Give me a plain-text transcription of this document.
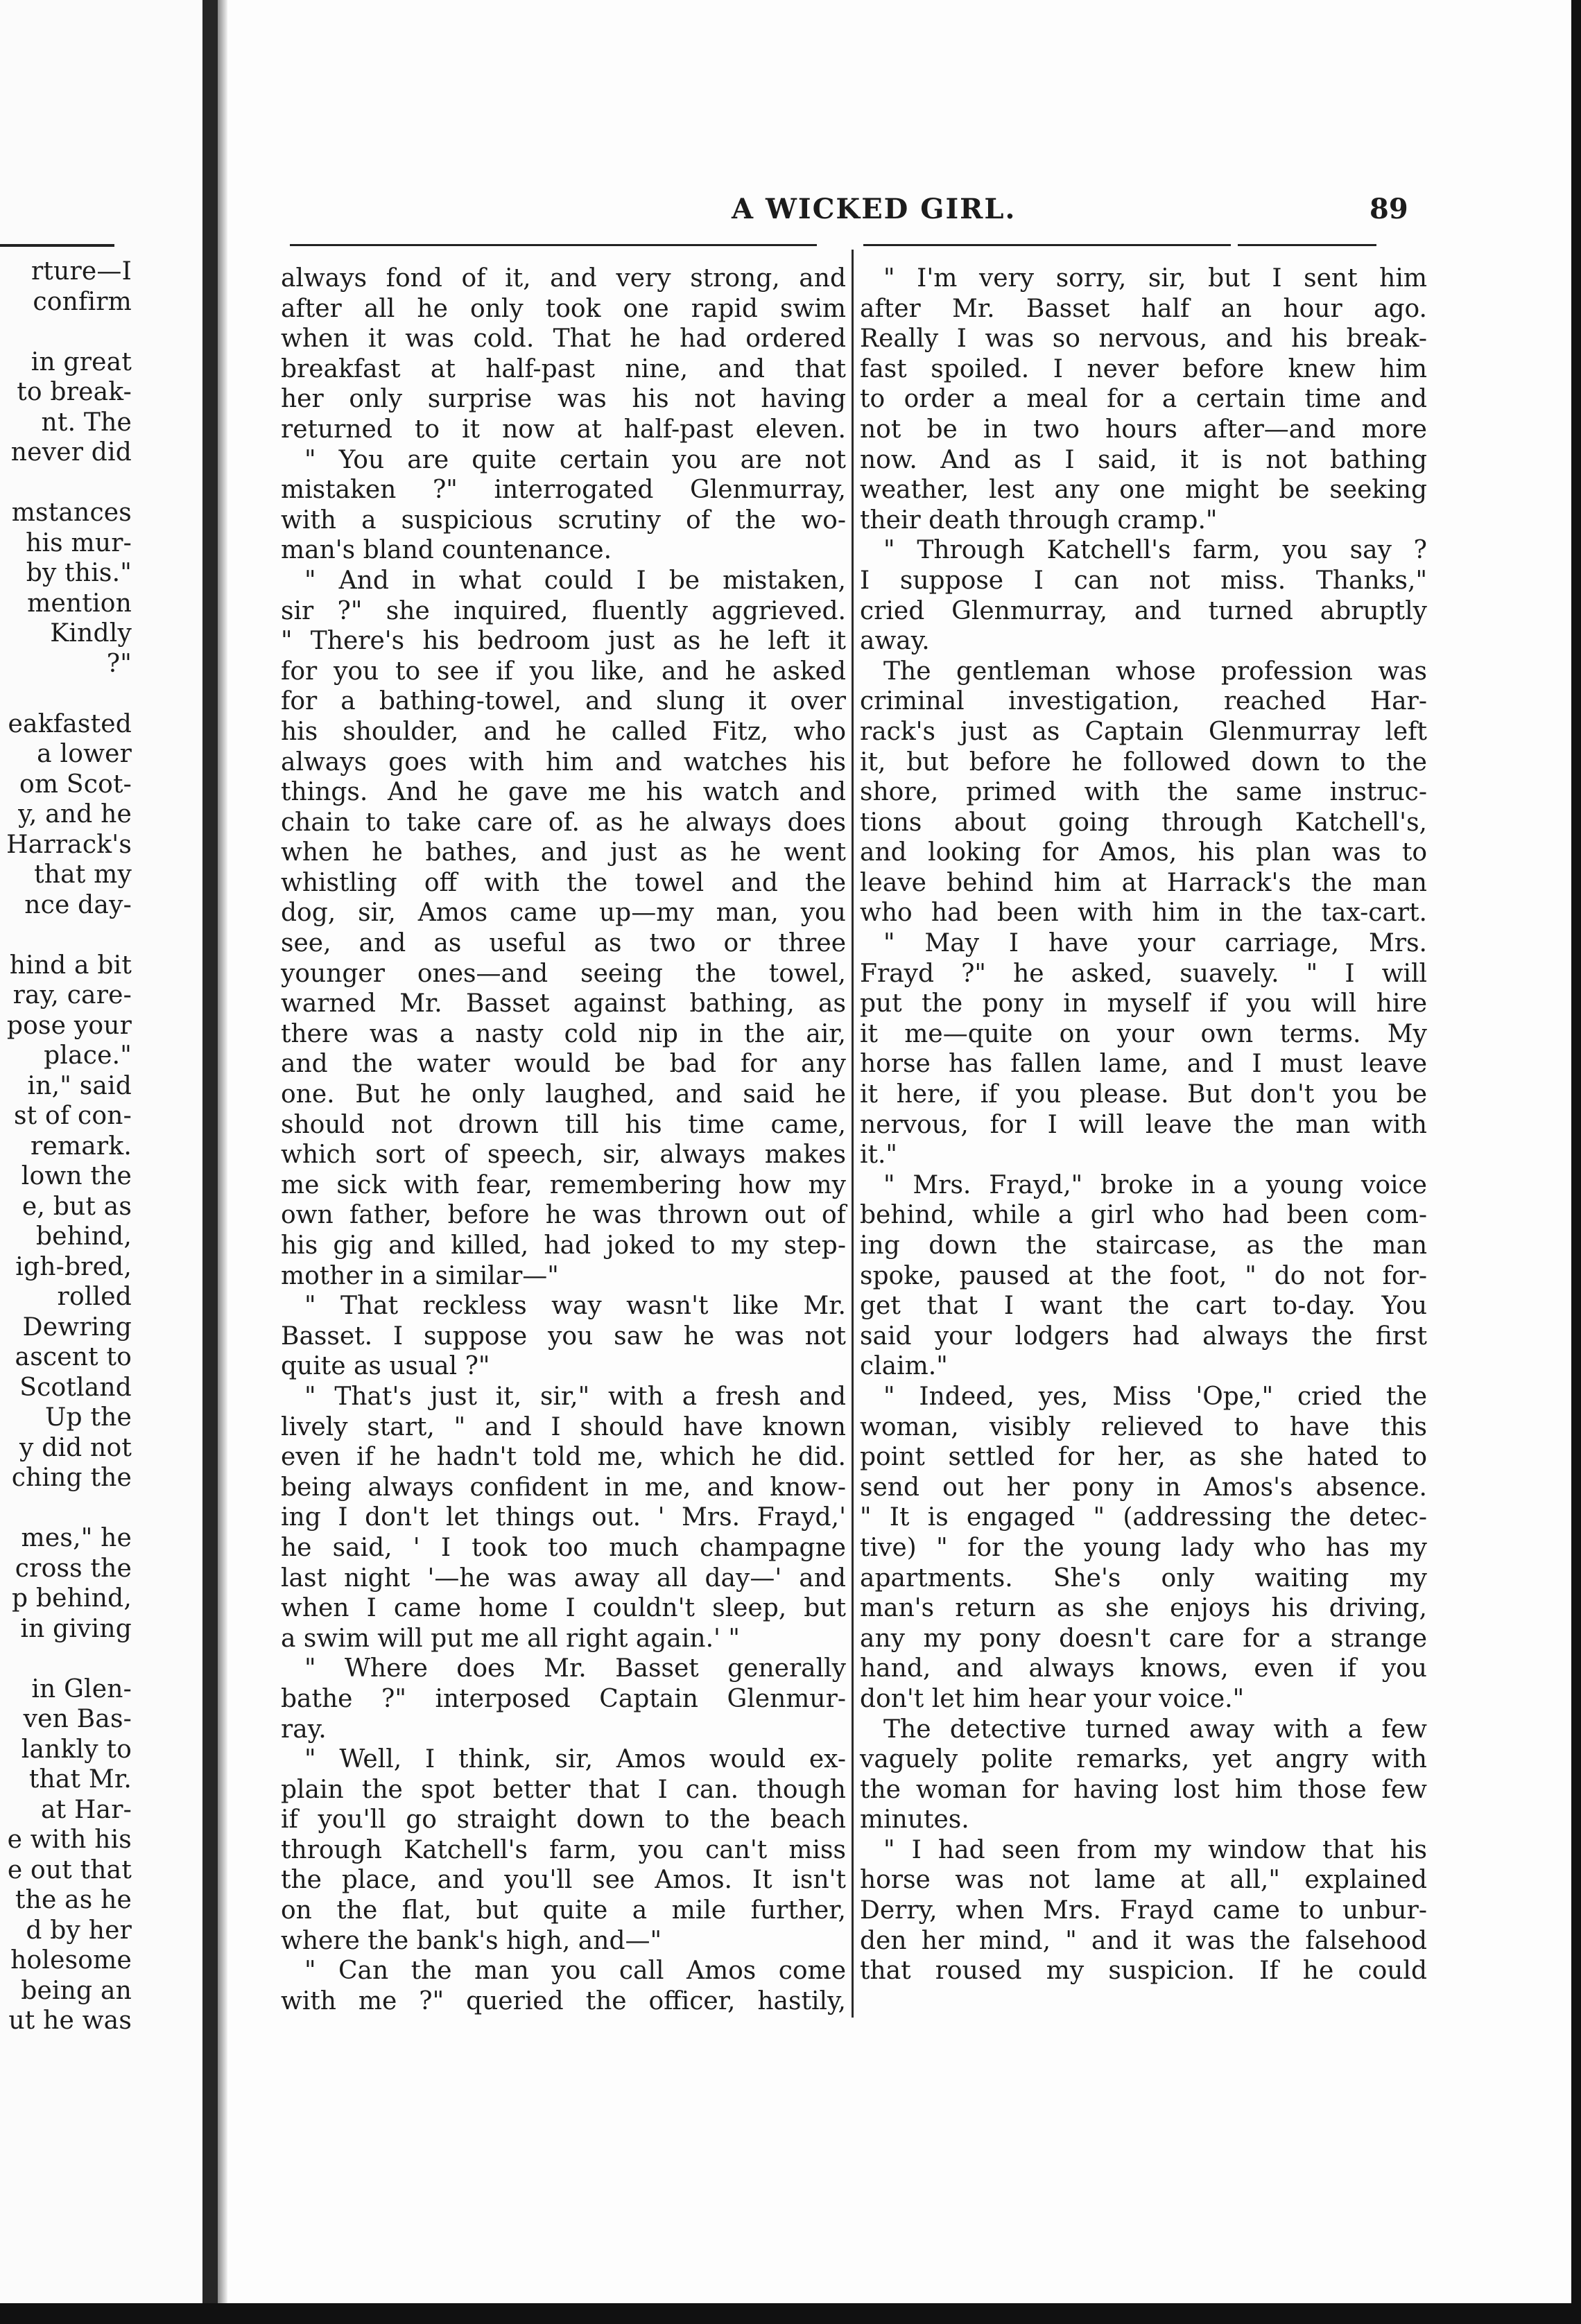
rture—I
confirm
in great
to break-
nt. The
never did
mstances
his mur-
by this."
mention
Kindly
?"
eakfasted
a lower
om Scot-
y, and he
Harrack's
that my
nce day-
hind a bit
ray, care-
pose your
place."
in," said
st of con-
remark.
lown the
e, but as
behind,
igh-bred,
rolled
Dewring
ascent to
Scotland
Up the
y did not
ching the
mes," he
cross the
p behind,
in giving
in Glen-
ven Bas-
lankly to
that Mr.
at Har-
e with his
e out that
the as he
d by her
holesome
being an
ut he was
A WICKED GIRL.	89
always fond of it, and very strong, and
after all he only took one rapid swim
when it was cold. That he had ordered
breakfast at half-past nine, and that
her only surprise was his not having
returned to it now at half-past eleven.
" You are quite certain you are not
mistaken ?" interrogated Glenmurray,
with a suspicious scrutiny of the wo-
man's bland countenance.
" And in what could I be mistaken,
sir ?" she inquired, fluently aggrieved.
" There's his bedroom just as he left it
for you to see if you like, and he asked
for a bathing-towel, and slung it over
his shoulder, and he called Fitz, who
always goes with him and watches his
things. And he gave me his watch and
chain to take care of. as he always does
when he bathes, and just as he went
whistling off with the towel and the
dog, sir, Amos came up—my man, you
see, and as useful as two or three
younger ones—and seeing the towel,
warned Mr. Basset against bathing, as
there was a nasty cold nip in the air,
and the water would be bad for any
one. But he only laughed, and said he
should not drown till his time came,
which sort of speech, sir, always makes
me sick with fear, remembering how my
own father, before he was thrown out of
his gig and killed, had joked to my step-
mother in a similar—"
" That reckless way wasn't like Mr.
Basset. I suppose you saw he was not
quite as usual ?"
" That's just it, sir," with a fresh and
lively start, " and I should have known
even if he hadn't told me, which he did.
being always confident in me, and know-
ing I don't let things out. ' Mrs. Frayd,'
he said, ' I took too much champagne
last night '—he was away all day—' and
when I came home I couldn't sleep, but
a swim will put me all right again.' "
" Where does Mr. Basset generally
bathe ?" interposed Captain Glenmur-
ray.
" Well, I think, sir, Amos would ex-
plain the spot better that I can. though
if you'll go straight down to the beach
through Katchell's farm, you can't miss
the place, and you'll see Amos. It isn't
on the flat, but quite a mile further,
where the bank's high, and—"
" Can the man you call Amos come
with me ?" queried the officer, hastily,
" I'm very sorry, sir, but I sent him
after Mr. Basset half an hour ago.
Really I was so nervous, and his break-
fast spoiled. I never before knew him
to order a meal for a certain time and
not be in two hours after—and more
now. And as I said, it is not bathing
weather, lest any one might be seeking
their death through cramp."
" Through Katchell's farm, you say ?
I suppose I can not miss. Thanks,"
cried Glenmurray, and turned abruptly
away.
The gentleman whose profession was
criminal investigation, reached Har-
rack's just as Captain Glenmurray left
it, but before he followed down to the
shore, primed with the same instruc-
tions about going through Katchell's,
and looking for Amos, his plan was to
leave behind him at Harrack's the man
who had been with him in the tax-cart.
" May I have your carriage, Mrs.
Frayd ?" he asked, suavely. " I will
put the pony in myself if you will hire
it me—quite on your own terms. My
horse has fallen lame, and I must leave
it here, if you please. But don't you be
nervous, for I will leave the man with
it."
" Mrs. Frayd," broke in a young voice
behind, while a girl who had been com-
ing down the staircase, as the man
spoke, paused at the foot, " do not for-
get that I want the cart to-day. You
said your lodgers had always the first
claim."
" Indeed, yes, Miss 'Ope," cried the
woman, visibly relieved to have this
point settled for her, as she hated to
send out her pony in Amos's absence.
" It is engaged " (addressing the detec-
tive) " for the young lady who has my
apartments. She's only waiting my
man's return as she enjoys his driving,
any my pony doesn't care for a strange
hand, and always knows, even if you
don't let him hear your voice."
The detective turned away with a few
vaguely polite remarks, yet angry with
the woman for having lost him those few
minutes.
" I had seen from my window that his
horse was not lame at all," explained
Derry, when Mrs. Frayd came to unbur-
den her mind, " and it was the falsehood
that roused my suspicion. If he could
